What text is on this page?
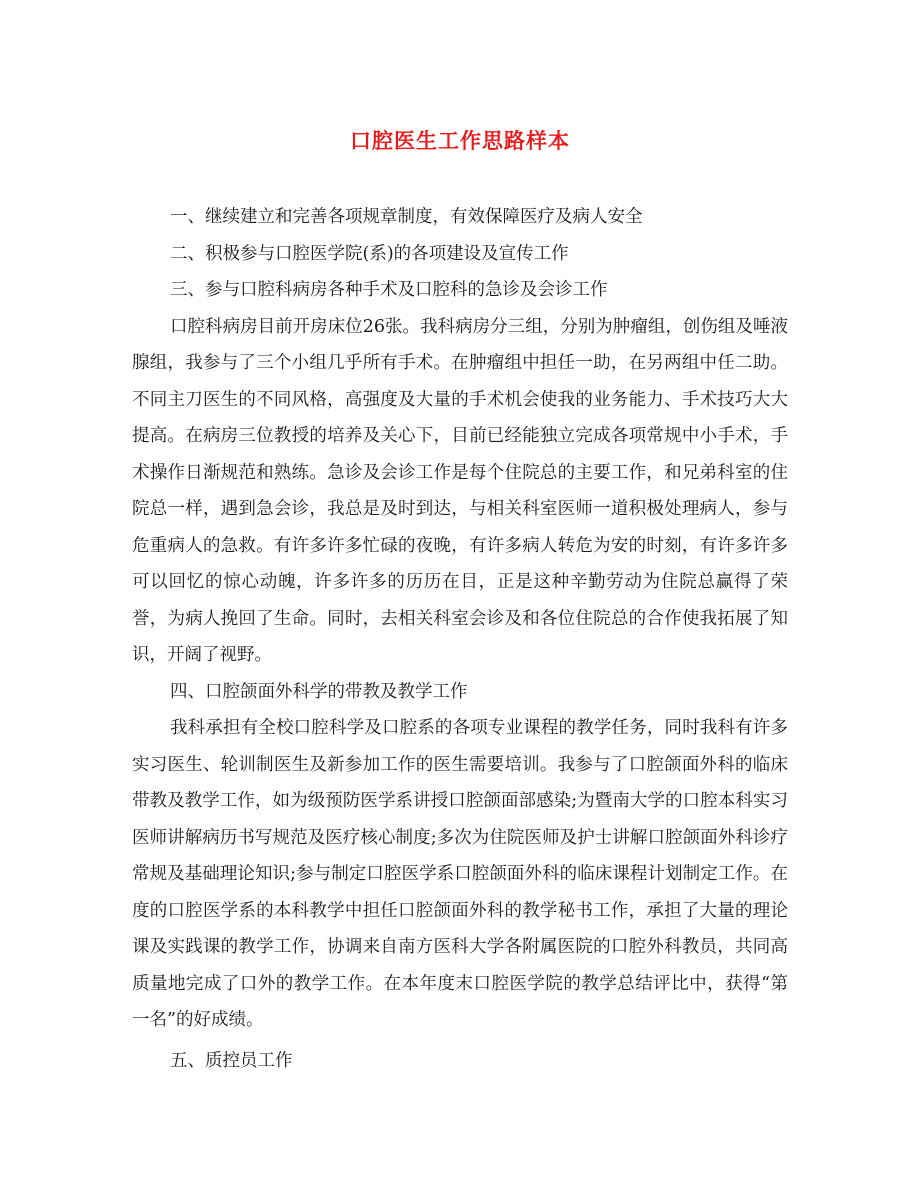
口腔医生工作思路样本

一、继续建立和完善各项规章制度，有效保障医疗及病人安全

二、积极参与口腔医学院(系)的各项建设及宣传工作

三、参与口腔科病房各种手术及口腔科的急诊及会诊工作

口腔科病房目前开房床位26张。我科病房分三组，分别为肿瘤组，创伤组及唾液腺组，我参与了三个小组几乎所有手术。在肿瘤组中担任一助，在另两组中任二助。不同主刀医生的不同风格，高强度及大量的手术机会使我的业务能力、手术技巧大大提高。在病房三位教授的培养及关心下，目前已经能独立完成各项常规中小手术，手术操作日渐规范和熟练。急诊及会诊工作是每个住院总的主要工作，和兄弟科室的住院总一样，遇到急会诊，我总是及时到达，与相关科室医师一道积极处理病人，参与危重病人的急救。有许多许多忙碌的夜晚，有许多病人转危为安的时刻，有许多许多可以回忆的惊心动魄，许多许多的历历在目，正是这种辛勤劳动为住院总赢得了荣誉，为病人挽回了生命。同时，去相关科室会诊及和各位住院总的合作使我拓展了知识，开阔了视野。

四、口腔颌面外科学的带教及教学工作

我科承担有全校口腔科学及口腔系的各项专业课程的教学任务，同时我科有许多实习医生、轮训制医生及新参加工作的医生需要培训。我参与了口腔颌面外科的临床带教及教学工作，如为级预防医学系讲授口腔颌面部感染;为暨南大学的口腔本科实习医师讲解病历书写规范及医疗核心制度;多次为住院医师及护士讲解口腔颌面外科诊疗常规及基础理论知识;参与制定口腔医学系口腔颌面外科的临床课程计划制定工作。在度的口腔医学系的本科教学中担任口腔颌面外科的教学秘书工作，承担了大量的理论课及实践课的教学工作，协调来自南方医科大学各附属医院的口腔外科教员，共同高质量地完成了口外的教学工作。在本年度末口腔医学院的教学总结评比中，获得“第一名”的好成绩。

五、质控员工作
